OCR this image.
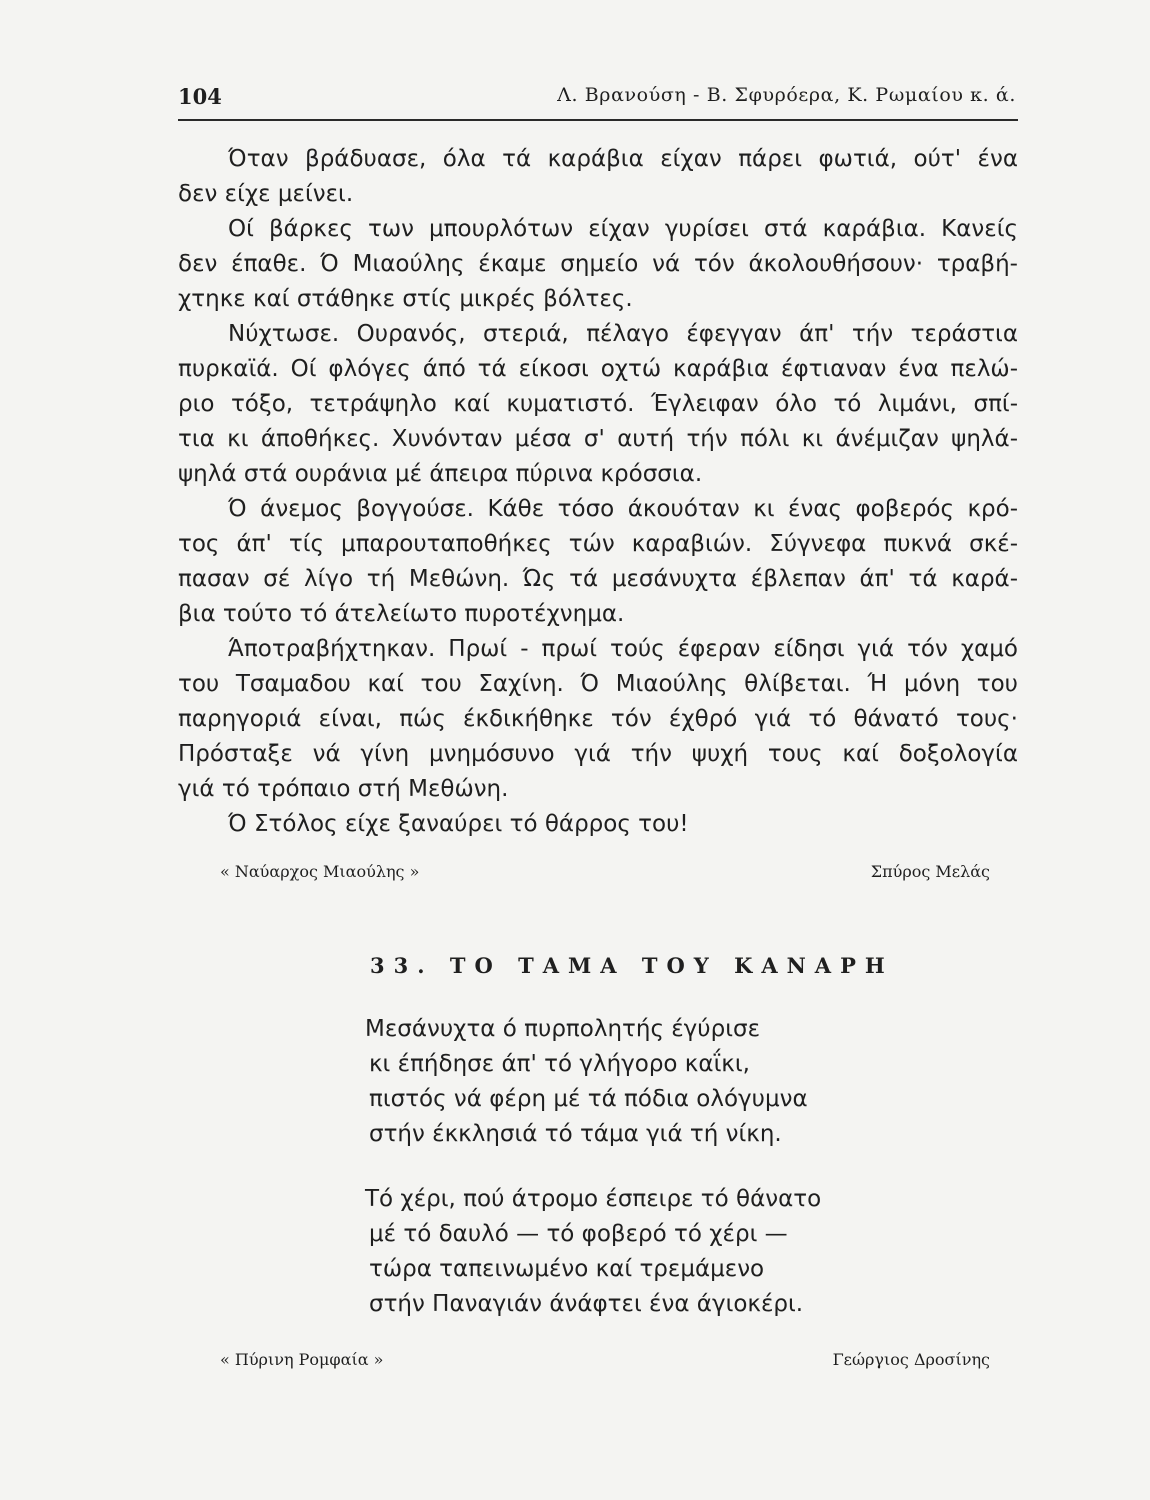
104	Λ. Βρανούση - Β. Σφυρόερα, Κ. Ρωμαίου κ. ά.
Όταν βράδυασε, όλα τά καράβια είχαν πάρει φωτιά, ούτ' ένα
δεν είχε μείνει.
Οί βάρκες των μπουρλότων είχαν γυρίσει στά καράβια. Κανείς
δεν έπαθε. Ό Μιαούλης έκαμε σημείο νά τόν άκολουθήσουν· τραβή-
χτηκε καί στάθηκε στίς μικρές βόλτες.
Νύχτωσε. Ουρανός, στεριά, πέλαγο έφεγγαν άπ' τήν τεράστια
πυρκαϊά. Οί φλόγες άπό τά είκοσι οχτώ καράβια έφτιαναν ένα πελώ-
ριο τόξο, τετράψηλο καί κυματιστό. Έγλειφαν όλο τό λιμάνι, σπί-
τια κι άποθήκες. Χυνόνταν μέσα σ' αυτή τήν πόλι κι άνέμιζαν ψηλά-
ψηλά στά ουράνια μέ άπειρα πύρινα κρόσσια.
Ό άνεμος βογγούσε. Κάθε τόσο άκουόταν κι ένας φοβερός κρό-
τος άπ' τίς μπαρουταποθήκες τών καραβιών. Σύγνεφα πυκνά σκέ-
πασαν σέ λίγο τή Μεθώνη. Ώς τά μεσάνυχτα έβλεπαν άπ' τά καρά-
βια τούτο τό άτελείωτο πυροτέχνημα.
Άποτραβήχτηκαν. Πρωί - πρωί τούς έφεραν είδησι γιά τόν χαμό
του Τσαμαδου καί του Σαχίνη. Ό Μιαούλης θλίβεται. Ή μόνη του
παρηγοριά είναι, πώς έκδικήθηκε τόν έχθρό γιά τό θάνατό τους·
Πρόσταξε νά γίνη μνημόσυνο γιά τήν ψυχή τους καί δοξολογία
γιά τό τρόπαιο στή Μεθώνη.
Ό Στόλος είχε ξαναύρει τό θάρρος του!
« Ναύαρχος Μιαούλης »	Σπύρος Μελάς
33. ΤΟ ΤΑΜΑ ΤΟΥ ΚΑΝΑΡΗ
Μεσάνυχτα ό πυρπολητής έγύρισε
κι έπήδησε άπ' τό γλήγορο καΐκι,
πιστός νά φέρη μέ τά πόδια ολόγυμνα
στήν έκκλησιά τό τάμα γιά τή νίκη.
Τό χέρι, πού άτρομο έσπειρε τό θάνατο
μέ τό δαυλό — τό φοβερό τό χέρι —
τώρα ταπεινωμένο καί τρεμάμενο
στήν Παναγιάν άνάφτει ένα άγιοκέρι.
« Πύρινη Ρομφαία »	Γεώργιος Δροσίνης
